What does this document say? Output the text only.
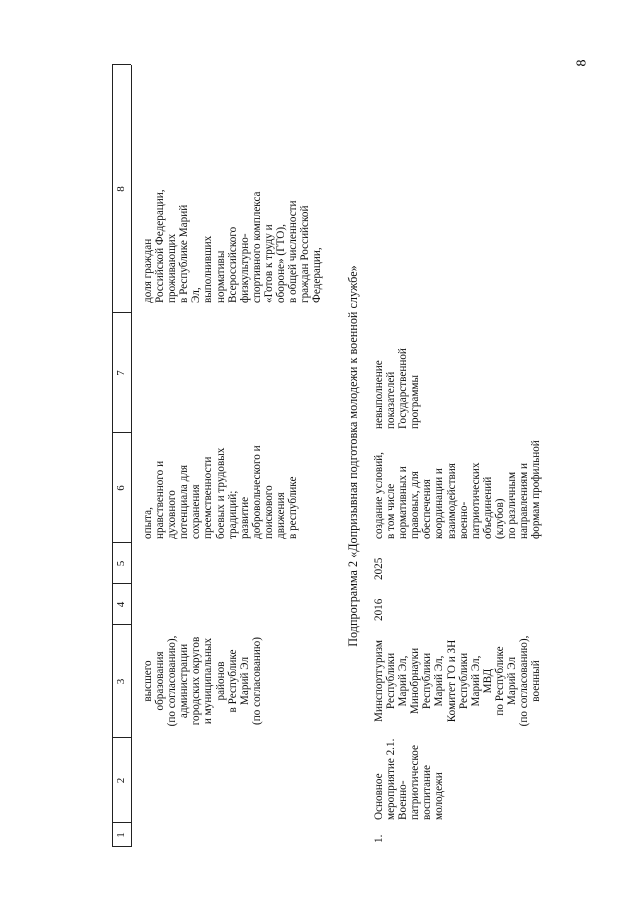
8
1
2
3
4
5
6
7
8
высшего
образования
(по согласованию),
администрации
городских округов
и муниципальных
районов
в Республике
Марий Эл
(по согласованию)
опыта,
нравственного и
духовного
потенциала для
сохранения
преемственности
боевых и трудовых
традиций;
развитие
добровольческого и
поискового
движения
в республике
доля граждан
Российской Федерации,
проживающих
в Республике Марий Эл,
выполнивших
нормативы
Всероссийского
физкультурно-
спортивного комплекса
«Готов к труду и
обороне» (ГТО),
в общей численности
граждан Российской
Федерации, Подпрограмма 2 «Допризывная подготовка молодежи к военной службе»
1.
Основное
мероприятие 2.1.
Военно-
патриотическое
воспитание
молодежи
Минспортгуризм
Республики
Марий Эл,
Минобрнауки
Республики
Марий Эл,
Комитет ГО и ЗН
Республики
Марий Эл,
МВД
по Республике
Марий Эл
(по согласованию),
военный
2016
2025
создание условий,
в том числе
нормативных и
правовых, для
обеспечения
координации и
взаимодействия
военно-
патриотических
объединений
(клубов)
по различным
направлениям и
формам профильной
невыполнение
показателей
Государственной
программы
